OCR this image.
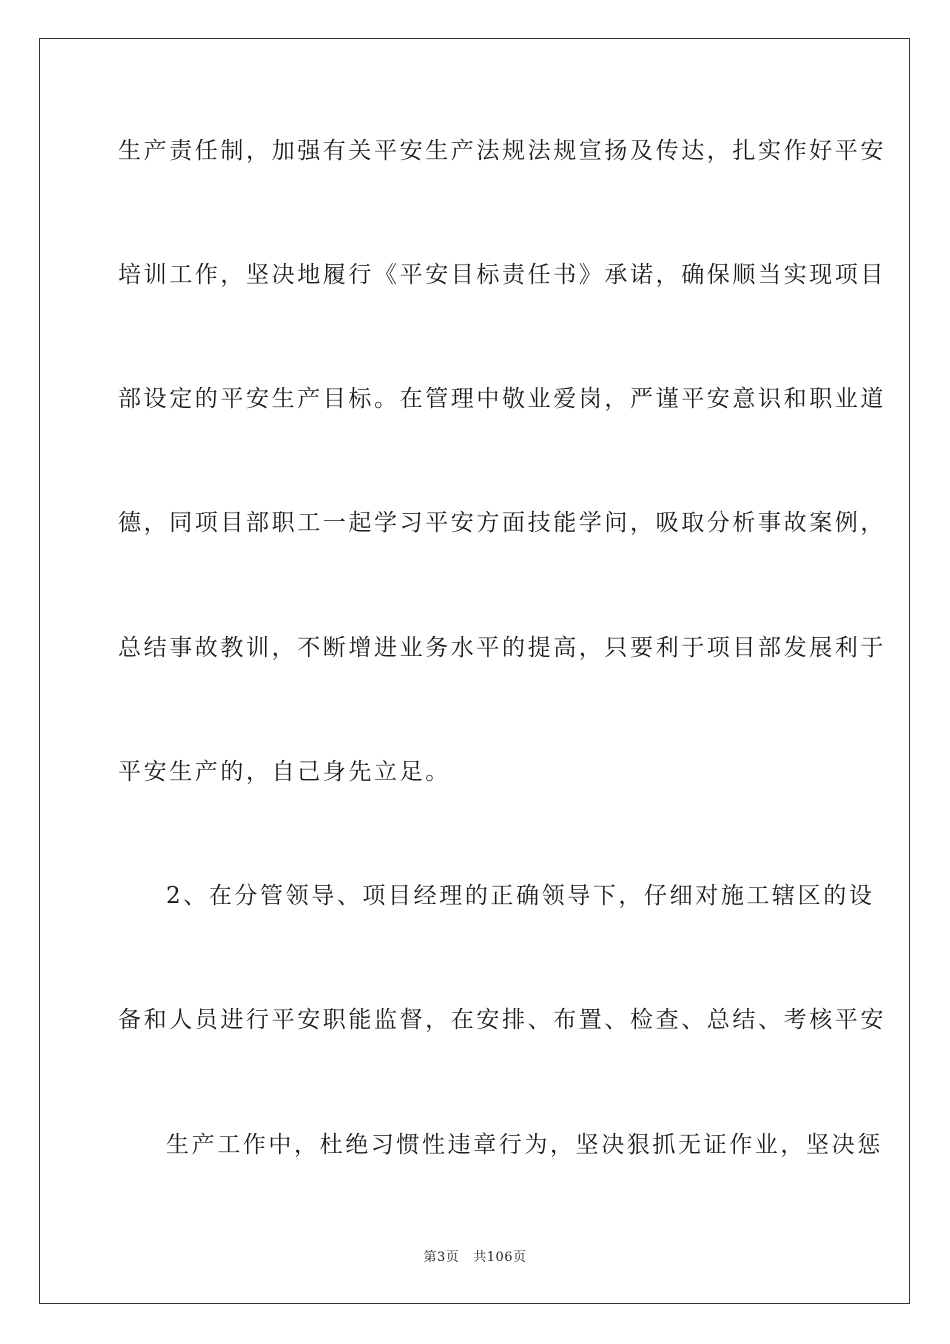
生产责任制，加强有关平安生产法规法规宣扬及传达，扎实作好平安
培训工作，坚决地履行《平安目标责任书》承诺，确保顺当实现项目
部设定的平安生产目标。在管理中敬业爱岗，严谨平安意识和职业道
德，同项目部职工一起学习平安方面技能学问，吸取分析事故案例，
总结事故教训，不断增进业务水平的提高，只要利于项目部发展利于
平安生产的，自己身先立足。
2、在分管领导、项目经理的正确领导下，仔细对施工辖区的设
备和人员进行平安职能监督，在安排、布置、检查、总结、考核平安
生产工作中，杜绝习惯性违章行为，坚决狠抓无证作业，坚决惩
第3页 共106页
